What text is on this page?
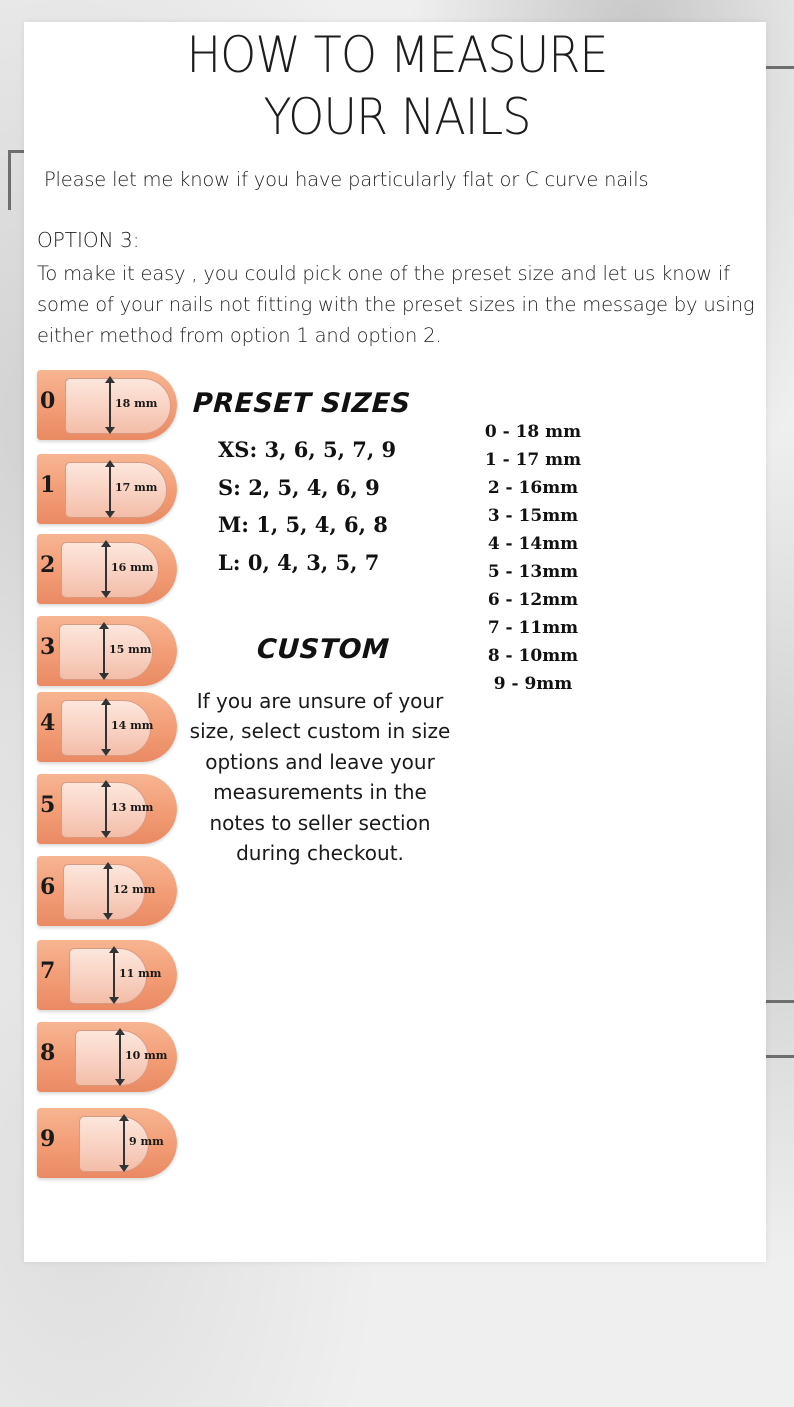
HOW TO MEASURE
YOUR NAILS
Please let me know if you have particularly flat or C curve nails
OPTION 3:
To make it easy , you could pick one of the preset size and let us know if some of your nails not fitting with the preset sizes in the message by using either method from option 1 and option 2.
0	18 mm
1	17 mm
2	16 mm
3	15 mm
4	14 mm
5	13 mm
6	12 mm
7	11 mm
8	10 mm
9	9 mm
PRESET SIZES
XS: 3, 6, 5, 7, 9
S: 2, 5, 4, 6, 9
M: 1, 5, 4, 6, 8
L: 0, 4, 3, 5, 7
0 - 18 mm
1 - 17 mm
2 - 16mm
3 - 15mm
4 - 14mm
5 - 13mm
6 - 12mm
7 - 11mm
8 - 10mm
9 - 9mm
CUSTOM
If you are unsure of your size, select custom in size options and leave your measurements in the notes to seller section during checkout.
